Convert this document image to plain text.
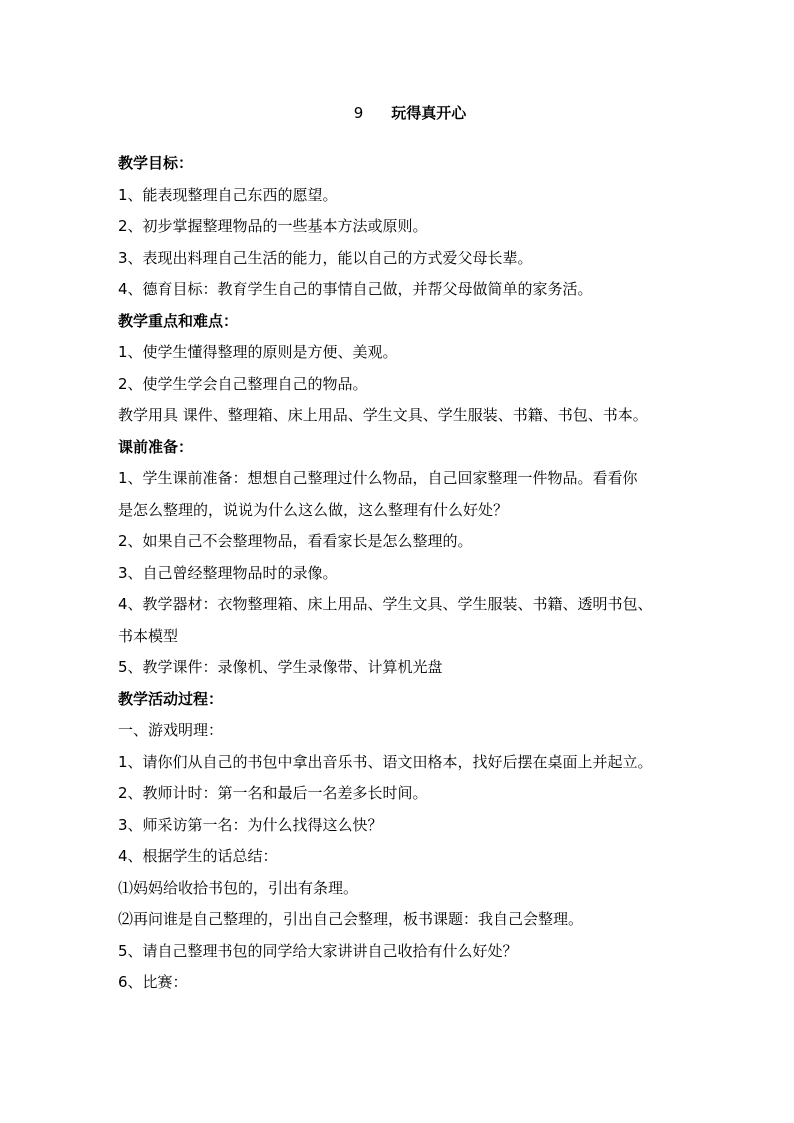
9 玩得真开心
教学目标：
1、能表现整理自己东西的愿望。
2、初步掌握整理物品的一些基本方法或原则。
3、表现出料理自己生活的能力，能以自己的方式爱父母长辈。
4、德育目标：教育学生自己的事情自己做，并帮父母做简单的家务活。
教学重点和难点：
1、使学生懂得整理的原则是方便、美观。
2、使学生学会自己整理自己的物品。
教学用具 课件、整理箱、床上用品、学生文具、学生服装、书籍、书包、书本。
课前准备：
1、学生课前准备：想想自己整理过什么物品，自己回家整理一件物品。看看你
是怎么整理的，说说为什么这么做，这么整理有什么好处？
2、如果自己不会整理物品，看看家长是怎么整理的。
3、自己曾经整理物品时的录像。
4、教学器材：衣物整理箱、床上用品、学生文具、学生服装、书籍、透明书包、
书本模型
5、教学课件：录像机、学生录像带、计算机光盘
教学活动过程：
一、游戏明理：
1、请你们从自己的书包中拿出音乐书、语文田格本，找好后摆在桌面上并起立。
2、教师计时：第一名和最后一名差多长时间。
3、师采访第一名：为什么找得这么快？
4、根据学生的话总结：
⑴妈妈给收拾书包的，引出有条理。
⑵再问谁是自己整理的，引出自己会整理，板书课题：我自己会整理。
5、请自己整理书包的同学给大家讲讲自己收拾有什么好处？
6、比赛：
